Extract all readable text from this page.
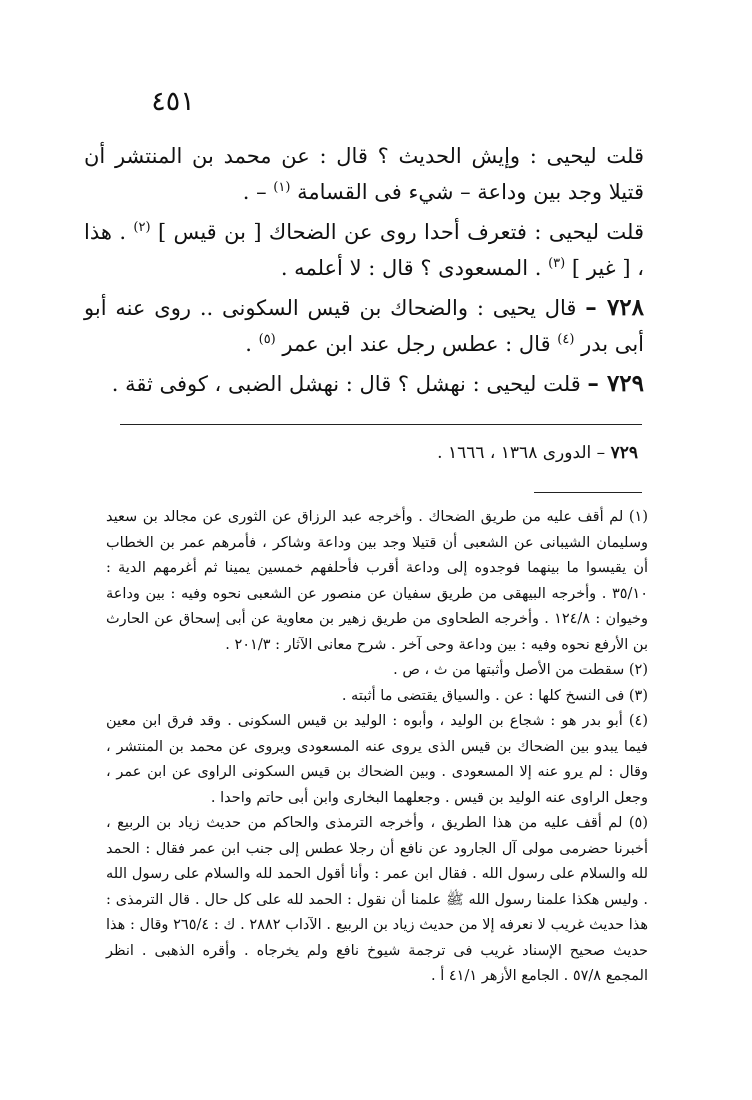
٤٥١

قلت ليحيى : وإيش الحديث ؟ قال : عن محمد بن المنتشر أن قتيلا وجد بين وداعة – شيء فى القسامة $^{(١)}$ – .

قلت ليحيى : فتعرف أحدا روى عن الضحاك [ بن قيس ] $^{(٢)}$ . هذا ، [ غير ] $^{(٣)}$ . المسعودى ؟ قال : لا أعلمه .

٧٢٨ – قال يحيى : والضحاك بن قيس السكونى .. روى عنه أبو أبى بدر $^{(٤)}$ قال : عطس رجل عند ابن عمر $^{(٥)}$ .

٧٢٩ – قلت ليحيى : نهشل ؟ قال : نهشل الضبى ، كوفى ثقة .

٧٢٩ – الدورى ١٣٦٨ ، ١٦٦٦ .

(١) لم أقف عليه من طريق الضحاك . وأخرجه عبد الرزاق عن الثورى عن مجالد بن سعيد وسليمان الشيبانى عن الشعبى أن قتيلا وجد بين وداعة وشاكر ، فأمرهم عمر بن الخطاب أن يقيسوا ما بينهما فوجدوه إلى وداعة أقرب فأحلفهم خمسين يمينا ثم أغرمهم الدية : ٣٥/١٠ . وأخرجه البيهقى من طريق سفيان عن منصور عن الشعبى نحوه وفيه : بين وداعة وخيوان : ١٢٤/٨ . وأخرجه الطحاوى من طريق زهير بن معاوية عن أبى إسحاق عن الحارث بن الأرفع نحوه وفيه : بين وداعة وحى آخر . شرح معانى الآثار : ٢٠١/٣ .

(٢) سقطت من الأصل وأثبتها من ث ، ص .

(٣) فى النسخ كلها : عن . والسياق يقتضى ما أثبته .

(٤) أبو بدر هو : شجاع بن الوليد ، وأبوه : الوليد بن قيس السكونى . وقد فرق ابن معين فيما يبدو بين الضحاك بن قيس الذى يروى عنه المسعودى ويروى عن محمد بن المنتشر ، وقال : لم يرو عنه إلا المسعودى . وبين الضحاك بن قيس السكونى الراوى عن ابن عمر ، وجعل الراوى عنه الوليد بن قيس . وجعلهما البخارى وابن أبى حاتم واحدا .

(٥) لم أقف عليه من هذا الطريق ، وأخرجه الترمذى والحاكم من حديث زياد بن الربيع ، أخبرنا حضرمى مولى آل الجارود عن نافع أن رجلا عطس إلى جنب ابن عمر فقال : الحمد لله والسلام على رسول الله . فقال ابن عمر : وأنا أقول الحمد لله والسلام على رسول الله . وليس هكذا علمنا رسول الله ﷺ علمنا أن نقول : الحمد لله على كل حال . قال الترمذى : هذا حديث غريب لا نعرفه إلا من حديث زياد بن الربيع . الآداب ٢٨٨٢ . ك : ٢٦٥/٤ وقال : هذا حديث صحيح الإسناد غريب فى ترجمة شيوخ نافع ولم يخرجاه . وأقره الذهبى . انظر المجمع ٥٧/٨ . الجامع الأزهر ٤١/١ أ .
